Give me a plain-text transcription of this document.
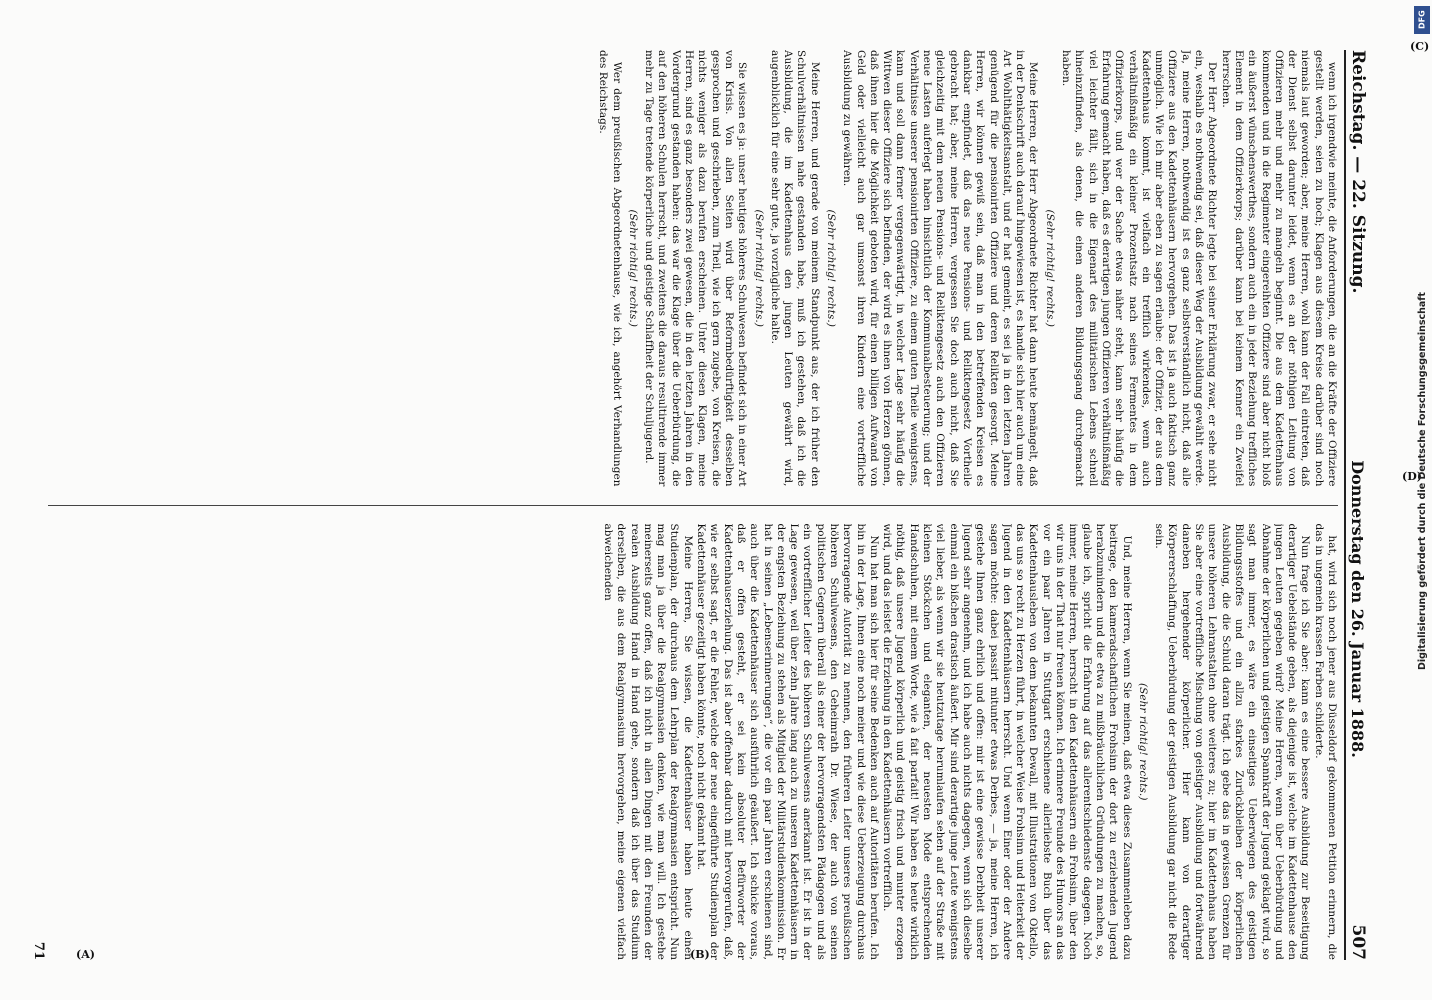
Reichstag. — 22. Sitzung.
Donnerstag den 26. Januar 1888.
507

wenn ich irgendwie meinte, die Anforderungen, die an die Kräfte der Offiziere gestellt werden, seien zu hoch; Klagen aus diesem Kreise darüber sind noch niemals laut geworden; aber, meine Herren, wohl kann der Fall eintreten, daß der Dienst selbst darunter leidet, wenn es an der nöthigen Leitung von Offizieren mehr und mehr zu mangeln beginnt. Die aus dem Kadettenhaus kommenden und in die Regimenter eingereihten Offiziere sind aber nicht bloß ein äußerst wünschenswerthes, sondern auch ein in jeder Beziehung treffliches Element in dem Offizierkorps; darüber kann bei keinem Kenner ein Zweifel herrschen.

Der Herr Abgeordnete Richter legte bei seiner Erklärung zwar, er sehe nicht ein, weshalb es nothwendig sei, daß dieser Weg der Ausbildung gewählt werde. Ja, meine Herren, nothwendig ist es ganz selbstverständlich nicht, daß alle Offiziere aus den Kadettenhäusern hervorgehen. Das ist ja auch faktisch ganz unmöglich. Wie ich mir aber eben zu sagen erlaube: der Offizier, der aus dem Kadettenhaus kommt, ist vielfach ein trefflich wirkendes, wenn auch verhältnißmäßig ein kleiner Prozentsatz nach seines Fermentes in dem Offizierkorps, und wer der Sache etwas näher steht, kann sehr häufig die Erfahrung gemacht haben, daß es derartigen jungen Offizieren verhältnißmäßig viel leichter fällt, sich in die Eigenart des militärischen Lebens schnell hineinzufinden, als denen, die einen anderen Bildungsgang durchgemacht haben.

(Sehr richtig! rechts.)

Meine Herren, der Herr Abgeordnete Richter hat dann heute bemängelt, daß in der Denkschrift auch darauf hingewiesen ist, es handle sich hier auch um eine Art Wohlthätigkeitsanstalt, und er hat gemeint, es sei ja in den letzten Jahren genügend für die pensionirten Offiziere und deren Relikten gesorgt. Meine Herren, wir können gewiß sein, daß man in den betreffenden Kreisen es dankbar empfindet, daß das neue Pensions- und Reliktengesetz Vortheile gebracht hat; aber, meine Herren, vergessen Sie doch auch nicht, daß Sie gleichzeitig mit dem neuen Pensions- und Reliktengesetz auch den Offizieren neue Lasten auferlegt haben hinsichtlich der Kommunalbesteuerung; und der Verhältnisse unserer pensionirten Offiziere, zu einem guten Theile wenigstens, kann und soll dann ferner vergegenwärtigt, in welcher Lage sehr häufig die Wittwen dieser Offiziere sich befinden, der wird es ihnen von Herzen gönnen, daß ihnen hier die Möglichkeit geboten wird, für einen billigen Aufwand von Geld oder vielleicht auch gar umsonst ihren Kindern eine vortreffliche Ausbildung zu gewähren.

(Sehr richtig! rechts.)

Meine Herren, und gerade von meinem Standpunkt aus, der ich früher den Schulverhältnissen nahe gestanden habe, muß ich gestehen, daß ich die Ausbildung, die im Kadettenhaus den jungen Leuten gewährt wird, augenblicklich für eine sehr gute, ja vorzügliche halte.

(Sehr richtig! rechts.)

Sie wissen es ja: unser heutiges höheres Schulwesen befindet sich in einer Art von Krisis. Von allen Seiten wird über Reformbedürftigkeit desselben gesprochen und geschrieben, zum Theil, wie ich gern zugebe, von Kreisen, die nichts weniger als dazu berufen erscheinen. Unter diesen Klagen, meine Herren, sind es ganz besonders zwei gewesen, die in den letzten Jahren in den Vordergrund gestanden haben: das war die Klage über die Ueberbürdung, die auf den höheren Schulen herrscht, und zweitens die daraus resultirende immer mehr zu Tage tretende körperliche und geistige Schlaffheit der Schuljugend.

(Sehr richtig! rechts.)

Wer dem preußischen Abgeordnetenhause, wie ich, angehört Verhandlungen des Reichstags.

hat, wird sich noch jener aus Düsseldorf gekommenen Petition erinnern, die das in ungemein krassen Farben schilderte.

Nun frage ich Sie aber: kann es eine bessere Ausbildung zur Beseitigung derartiger Uebelstände geben, als diejenige ist, welche im Kadettenhause den jungen Leuten gegeben wird? Meine Herren, wenn über Ueberbürdung und Abnahme der körperlichen und geistigen Spannkraft der Jugend geklagt wird, so sagt man immer, es wäre ein einseitiges Ueberwiegen des geistigen Bildungsstoffes und ein allzu starkes Zurückbleiben der körperlichen Ausbildung, die die Schuld daran trägt. Ich gebe das in gewissen Grenzen für unsere höheren Lehranstalten ohne weiteres zu; hier im Kadettenhaus haben Sie aber eine vortreffliche Mischung von geistiger Ausbildung und fortwährend daneben hergehender körperlicher. Hier kann von derartiger Körpererschlaffung, Ueberbürdung der geistigen Ausbildung gar nicht die Rede sein.

(Sehr richtig! rechts.)

Und, meine Herren, wenn Sie meinen, daß etwa dieses Zusammenleben dazu beitrage, den kameradschaftlichen Frohsinn der dort zu erziehenden Jugend herabzumindern und die etwa zu mißbräuchlichen Gründungen zu machen, so, glaube ich, spricht die Erfahrung auf das allerentschiedenste dagegen. Noch immer, meine Herren, herrscht in den Kadettenhäusern ein Frohsinn, über den wir uns in der That nur freuen können. Ich erinnere Freunde des Humors an das vor ein paar Jahren in Stuttgart erschienene allerliebste Buch über das Kadettenhausleben von dem bekannten Dewall, mit Illustrationen von Oktello, das uns so recht zu Herzen führt, in welcher Weise Frohsinn und Heiterkeit der Jugend in den Kadettenhäusern herrscht. Und wenn Einer oder der Andere sagen möchte: dabei passirt mitunter etwas Derbes, — ja, meine Herren, ich gestehe Ihnen ganz ehrlich und offen: mir ist eine gewisse Derbheit unserer Jugend sehr angenehm, und ich habe auch nichts dagegen, wenn sich dieselbe einmal ein bißchen drastisch äußert. Mir sind derartige junge Leute wenigstens viel lieber, als wenn wir sie heutzutage herumlaufen sehen auf der Straße mit kleinen Stöckchen und eleganten, der neuesten Mode entsprechenden Handschuhen, mit einem Worte, wie à fait parfait! Wir haben es heute wirklich nöthig, daß unsere Jugend körperlich und geistig frisch und munter erzogen wird, und das leistet die Erziehung in den Kadettenhäusern vortrefflich.

Nun hat man sich hier für seine Bedenken auch auf Autoritäten berufen. Ich bin in der Lage, Ihnen eine noch meiner und wie diese Ueberzeugung durchaus hervorragende Autorität zu nennen, den früheren Leiter unseres preußischen höheren Schulwesens, den Geheimrath Dr. Wiese, der auch von seinen politischen Gegnern überall als einer der hervorragendsten Pädagogen und als ein vortrefflicher Leiter des höheren Schulwesens anerkannt ist. Er ist in der Lage gewesen, weil über zehn Jahre lang auch zu unseren Kadettenhäusern in der engsten Beziehung zu stehen als Mitglied der Militärstudienkommission. Er hat in seinen „Lebenserinnerungen“, die vor ein paar Jahren erschienen sind, auch über die Kadettenhäuser sich ausführlich geäußert. Ich schicke voraus, daß er offen gesteht, er sei kein absoluter Befürworter der Kadettenhauserziehung. Das ist aber offenbar dadurch mit hervorgerufen, daß, wie er selbst sagt, er die Fehler, welche der neue eingeführte Studienplan der Kadettenhäuser gezeitigt haben könnte, noch nicht gekannt hat.

Meine Herren, Sie wissen, die Kadettenhäuser haben heute einen Studienplan, der durchaus dem Lehrplan der Realgymnasien entspricht. Nun mag man ja über die Realgymnasien denken, wie man will. Ich gestehe meinerseits ganz offen, daß ich nicht in allen Dingen mit den Freunden der realen Ausbildung Hand in Hand gehe, sondern daß ich über das Studium derselben, die aus dem Realgymnasium hervorgehen, meine eigenen vielfach abweichenden

71
(C)
(D)
(A)	(B)
DFG
Digitalisierung gefördert durch die Deutsche Forschungsgemeinschaft
